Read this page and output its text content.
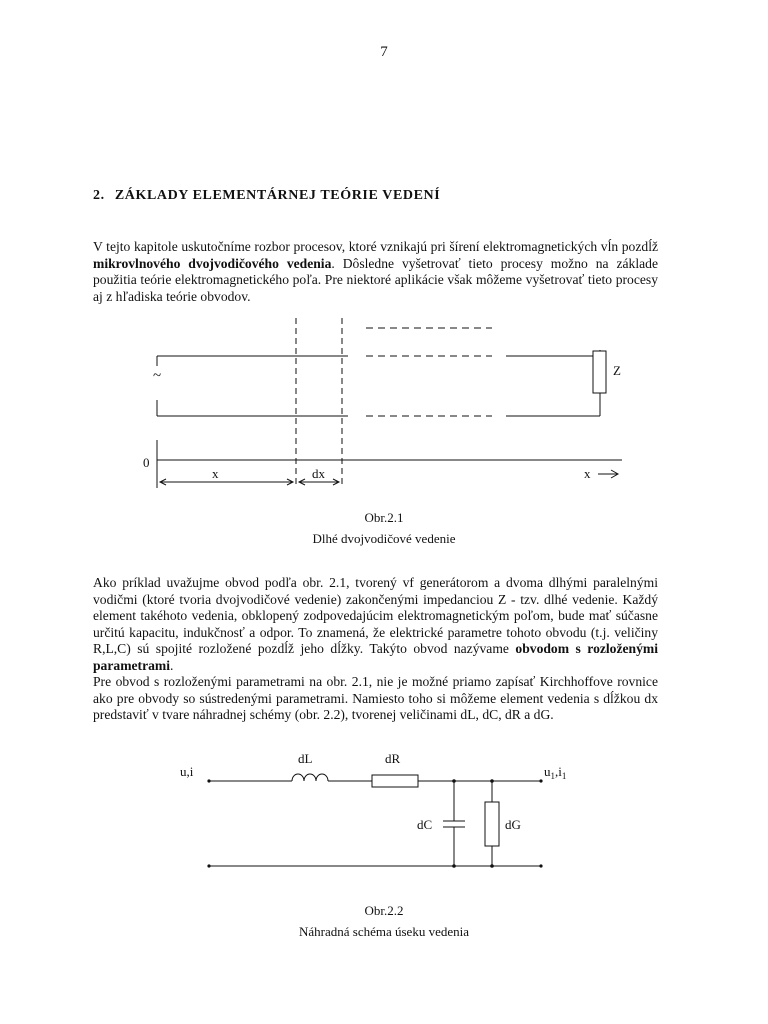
7
2. ZÁKLADY ELEMENTÁRNEJ TEÓRIE VEDENÍ

V tejto kapitole uskutočníme rozbor procesov, ktoré vznikajú pri šírení elektromagnetických vĺn pozdĺž mikrovlnového dvojvodičového vedenia. Dôsledne vyšetrovať tieto procesy možno na základe použitia teórie elektromagnetického poľa. Pre niektoré aplikácie však môžeme vyšetrovať tieto procesy aj z hľadiska teórie obvodov.

~	Z
0
x	dx	x
Obr.2.1
Dlhé dvojvodičové vedenie

Ako príklad uvažujme obvod podľa obr. 2.1, tvorený vf generátorom a dvoma dlhými paralelnými vodičmi (ktoré tvoria dvojvodičové vedenie) zakončenými impedanciou Z - tzv. dlhé vedenie. Každý element takéhoto vedenia, obklopený zodpovedajúcim elektromagnetickým poľom, bude mať súčasne určitú kapacitu, indukčnosť a odpor. To znamená, že elektrické parametre tohoto obvodu (t.j. veličiny R,L,C) sú spojité rozložené pozdĺž jeho dĺžky. Takýto obvod nazývame obvodom s rozloženými parametrami.

Pre obvod s rozloženými parametrami na obr. 2.1, nie je možné priamo zapísať Kirchhoffove rovnice ako pre obvody so sústredenými parametrami. Namiesto toho si môžeme element vedenia s dĺžkou dx predstaviť v tvare náhradnej schémy (obr. 2.2), tvorenej veličinami dL, dC, dR a dG.

u,i	$u_1,i_1$
dL	dR
dC	dG
Obr.2.2
Náhradná schéma úseku vedenia
